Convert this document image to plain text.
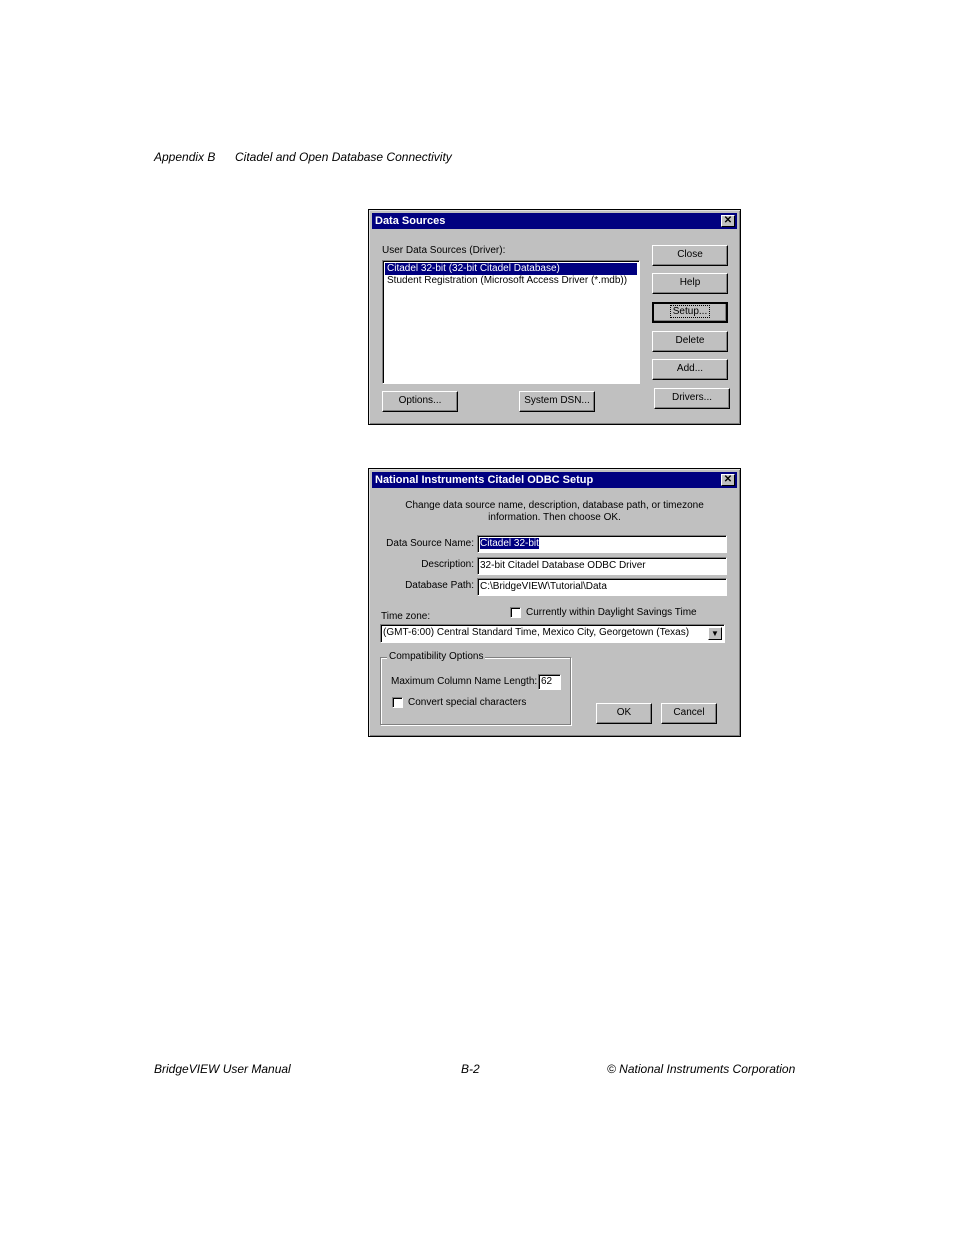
Appendix B Citadel and Open Database Connectivity
Data Sources	✕
User Data Sources (Driver):
Citadel 32-bit (32-bit Citadel Database)
Student Registration (Microsoft Access Driver (*.mdb))
Close
Help
Setup...
Delete
Add...
Options...	System DSN...	Drivers...
National Instruments Citadel ODBC Setup	✕
Change data source name, description, database path, or timezone
information. Then choose OK.
Data Source Name: Citadel 32-bit
Description: 32-bit Citadel Database ODBC Driver
Database Path: C:\BridgeVIEW\Tutorial\Data
Time zone:	Currently within Daylight Savings Time
(GMT-6:00) Central Standard Time, Mexico City, Georgetown (Texas)	▼
Compatibility Options
Maximum Column Name Length: 62
Convert special characters
OK	Cancel
BridgeVIEW User Manual	B-2	© National Instruments Corporation
